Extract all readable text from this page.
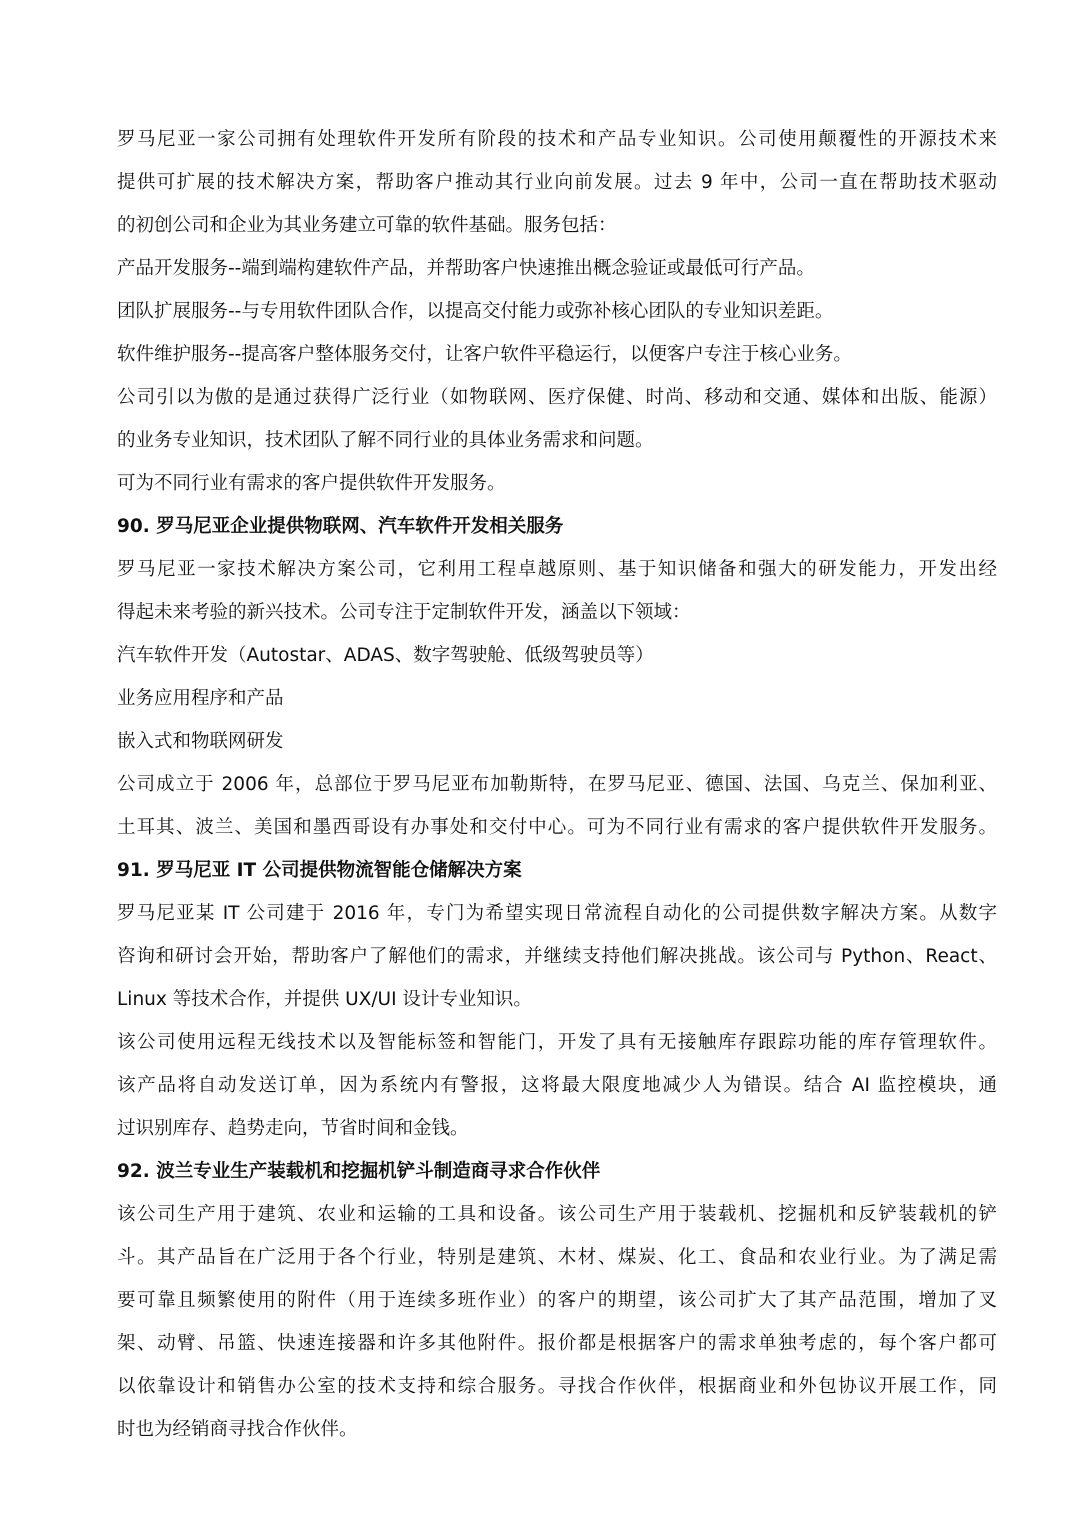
罗马尼亚一家公司拥有处理软件开发所有阶段的技术和产品专业知识。公司使用颠覆性的开源技术来
提供可扩展的技术解决方案，帮助客户推动其行业向前发展。过去 9 年中，公司一直在帮助技术驱动
的初创公司和企业为其业务建立可靠的软件基础。服务包括：
产品开发服务--端到端构建软件产品，并帮助客户快速推出概念验证或最低可行产品。
团队扩展服务--与专用软件团队合作，以提高交付能力或弥补核心团队的专业知识差距。
软件维护服务--提高客户整体服务交付，让客户软件平稳运行，以便客户专注于核心业务。
公司引以为傲的是通过获得广泛行业（如物联网、医疗保健、时尚、移动和交通、媒体和出版、能源）
的业务专业知识，技术团队了解不同行业的具体业务需求和问题。
可为不同行业有需求的客户提供软件开发服务。
90. 罗马尼亚企业提供物联网、汽车软件开发相关服务
罗马尼亚一家技术解决方案公司，它利用工程卓越原则、基于知识储备和强大的研发能力，开发出经
得起未来考验的新兴技术。公司专注于定制软件开发，涵盖以下领域：
汽车软件开发（Autostar、ADAS、数字驾驶舱、低级驾驶员等）
业务应用程序和产品
嵌入式和物联网研发
公司成立于 2006 年，总部位于罗马尼亚布加勒斯特，在罗马尼亚、德国、法国、乌克兰、保加利亚、
土耳其、波兰、美国和墨西哥设有办事处和交付中心。可为不同行业有需求的客户提供软件开发服务。
91. 罗马尼亚 IT 公司提供物流智能仓储解决方案
罗马尼亚某 IT 公司建于 2016 年，专门为希望实现日常流程自动化的公司提供数字解决方案。从数字
咨询和研讨会开始，帮助客户了解他们的需求，并继续支持他们解决挑战。该公司与 Python、React、
Linux 等技术合作，并提供 UX/UI 设计专业知识。
该公司使用远程无线技术以及智能标签和智能门，开发了具有无接触库存跟踪功能的库存管理软件。
该产品将自动发送订单，因为系统内有警报，这将最大限度地减少人为错误。结合 AI 监控模块，通
过识别库存、趋势走向，节省时间和金钱。
92. 波兰专业生产装载机和挖掘机铲斗制造商寻求合作伙伴
该公司生产用于建筑、农业和运输的工具和设备。该公司生产用于装载机、挖掘机和反铲装载机的铲
斗。其产品旨在广泛用于各个行业，特别是建筑、木材、煤炭、化工、食品和农业行业。为了满足需
要可靠且频繁使用的附件（用于连续多班作业）的客户的期望，该公司扩大了其产品范围，增加了叉
架、动臂、吊篮、快速连接器和许多其他附件。报价都是根据客户的需求单独考虑的，每个客户都可
以依靠设计和销售办公室的技术支持和综合服务。寻找合作伙伴，根据商业和外包协议开展工作，同
时也为经销商寻找合作伙伴。
